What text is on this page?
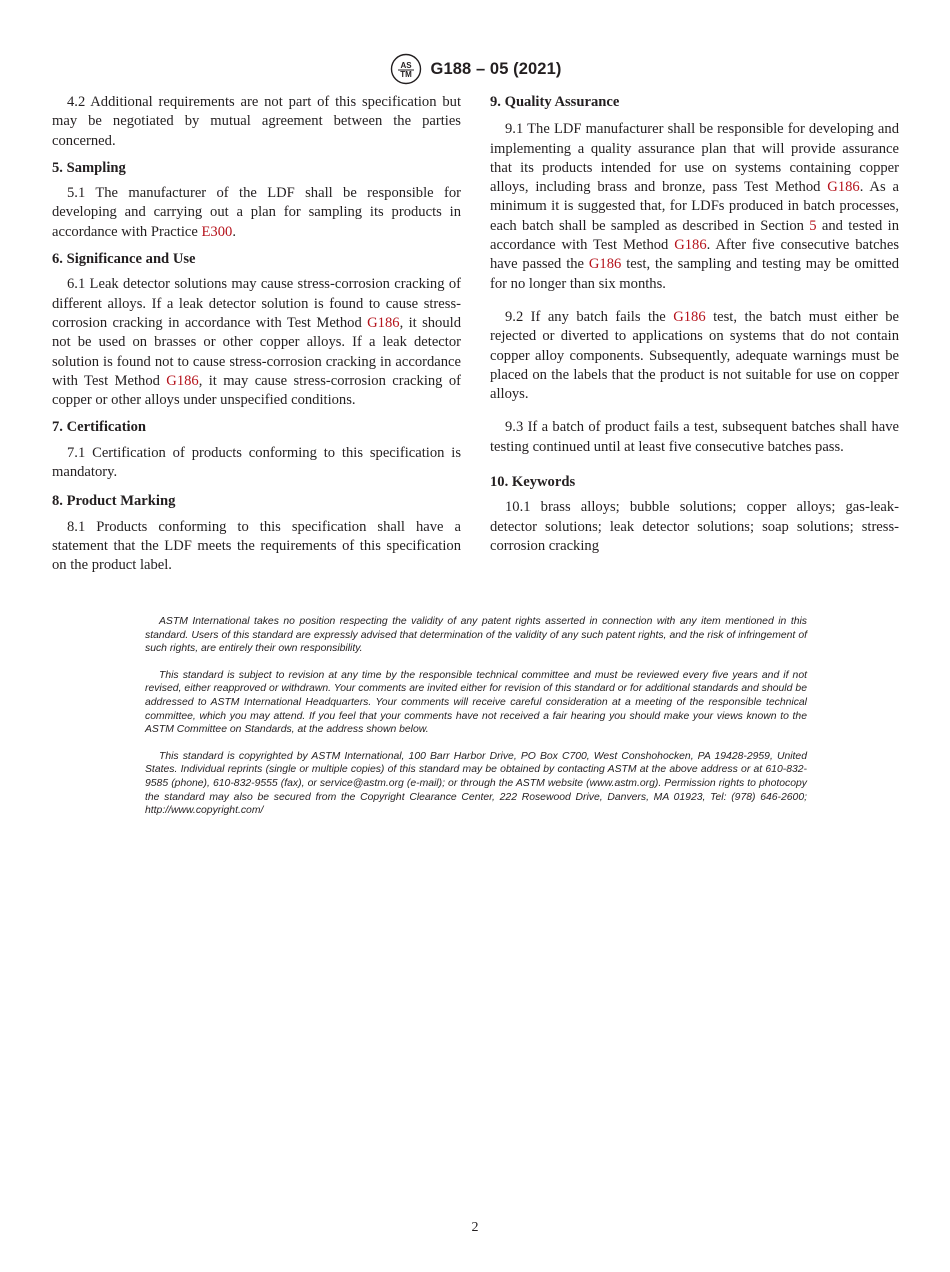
AS
TM G188 – 05 (2021)

4.2 Additional requirements are not part of this specification but may be negotiated by mutual agreement between the parties concerned.

5. Sampling

5.1 The manufacturer of the LDF shall be responsible for developing and carrying out a plan for sampling its products in accordance with Practice E300.

6. Significance and Use

6.1 Leak detector solutions may cause stress-corrosion cracking of different alloys. If a leak detector solution is found to cause stress-corrosion cracking in accordance with Test Method G186, it should not be used on brasses or other copper alloys. If a leak detector solution is found not to cause stress-corrosion cracking in accordance with Test Method G186, it may cause stress-corrosion cracking of copper or other alloys under unspecified conditions.

7. Certification

7.1 Certification of products conforming to this specification is mandatory.

8. Product Marking

8.1 Products conforming to this specification shall have a statement that the LDF meets the requirements of this specification on the product label.

9. Quality Assurance

9.1 The LDF manufacturer shall be responsible for developing and implementing a quality assurance plan that will provide assurance that its products intended for use on systems containing copper alloys, including brass and bronze, pass Test Method G186. As a minimum it is suggested that, for LDFs produced in batch processes, each batch shall be sampled as described in Section 5 and tested in accordance with Test Method G186. After five consecutive batches have passed the G186 test, the sampling and testing may be omitted for no longer than six months.

9.2 If any batch fails the G186 test, the batch must either be rejected or diverted to applications on systems that do not contain copper alloy components. Subsequently, adequate warnings must be placed on the labels that the product is not suitable for use on copper alloys.

9.3 If a batch of product fails a test, subsequent batches shall have testing continued until at least five consecutive batches pass.

10. Keywords

10.1 brass alloys; bubble solutions; copper alloys; gas-leak-detector solutions; leak detector solutions; soap solutions; stress-corrosion cracking

ASTM International takes no position respecting the validity of any patent rights asserted in connection with any item mentioned in this standard. Users of this standard are expressly advised that determination of the validity of any such patent rights, and the risk of infringement of such rights, are entirely their own responsibility.

This standard is subject to revision at any time by the responsible technical committee and must be reviewed every five years and if not revised, either reapproved or withdrawn. Your comments are invited either for revision of this standard or for additional standards and should be addressed to ASTM International Headquarters. Your comments will receive careful consideration at a meeting of the responsible technical committee, which you may attend. If you feel that your comments have not received a fair hearing you should make your views known to the ASTM Committee on Standards, at the address shown below.

This standard is copyrighted by ASTM International, 100 Barr Harbor Drive, PO Box C700, West Conshohocken, PA 19428-2959, United States. Individual reprints (single or multiple copies) of this standard may be obtained by contacting ASTM at the above address or at 610-832-9585 (phone), 610-832-9555 (fax), or service@astm.org (e-mail); or through the ASTM website (www.astm.org). Permission rights to photocopy the standard may also be secured from the Copyright Clearance Center, 222 Rosewood Drive, Danvers, MA 01923, Tel: (978) 646-2600; http://www.copyright.com/

2
